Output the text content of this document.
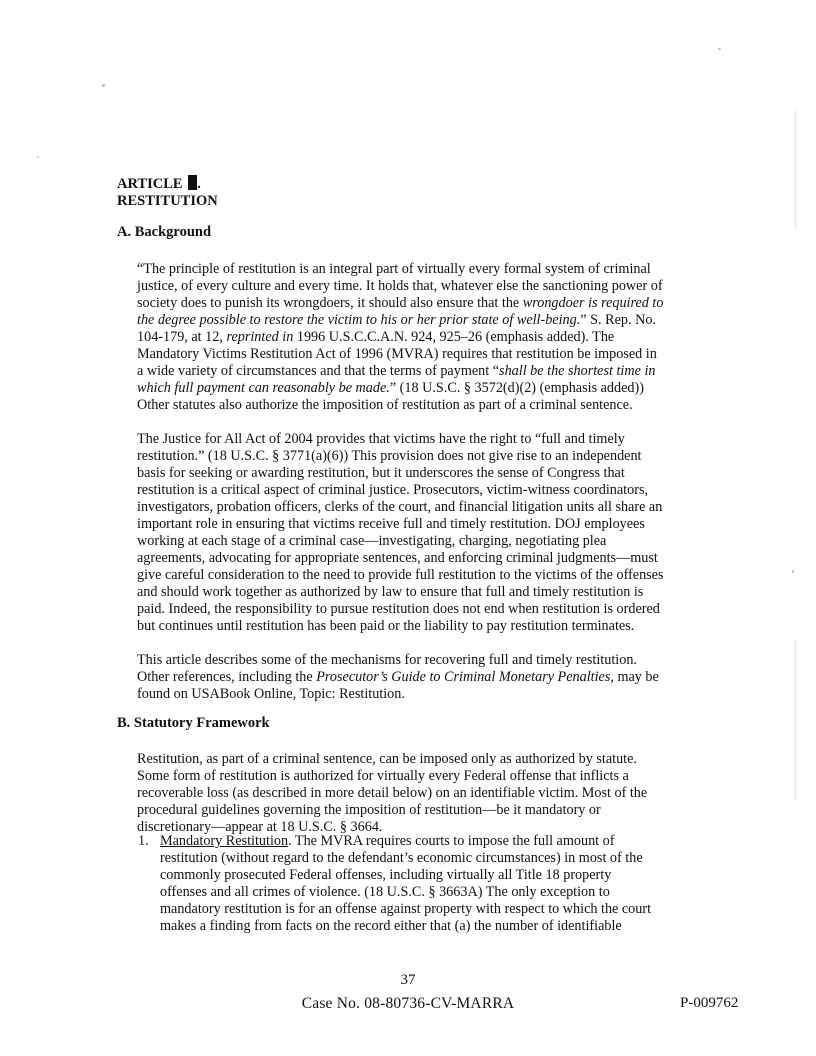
ARTICLE .
RESTITUTION
A. Background
“The principle of restitution is an integral part of virtually every formal system of criminal
justice, of every culture and every time. It holds that, whatever else the sanctioning power of
society does to punish its wrongdoers, it should also ensure that the wrongdoer is required to
the degree possible to restore the victim to his or her prior state of well-being.” S. Rep. No.
104-179, at 12, reprinted in 1996 U.S.C.C.A.N. 924, 925–26 (emphasis added). The
Mandatory Victims Restitution Act of 1996 (MVRA) requires that restitution be imposed in
a wide variety of circumstances and that the terms of payment “shall be the shortest time in
which full payment can reasonably be made.” (18 U.S.C. § 3572(d)(2) (emphasis added))
Other statutes also authorize the imposition of restitution as part of a criminal sentence.
The Justice for All Act of 2004 provides that victims have the right to “full and timely
restitution.” (18 U.S.C. § 3771(a)(6)) This provision does not give rise to an independent
basis for seeking or awarding restitution, but it underscores the sense of Congress that
restitution is a critical aspect of criminal justice. Prosecutors, victim-witness coordinators,
investigators, probation officers, clerks of the court, and financial litigation units all share an
important role in ensuring that victims receive full and timely restitution. DOJ employees
working at each stage of a criminal case—investigating, charging, negotiating plea
agreements, advocating for appropriate sentences, and enforcing criminal judgments—must
give careful consideration to the need to provide full restitution to the victims of the offenses
and should work together as authorized by law to ensure that full and timely restitution is
paid. Indeed, the responsibility to pursue restitution does not end when restitution is ordered
but continues until restitution has been paid or the liability to pay restitution terminates.
This article describes some of the mechanisms for recovering full and timely restitution.
Other references, including the Prosecutor’s Guide to Criminal Monetary Penalties, may be
found on USABook Online, Topic: Restitution.
B. Statutory Framework
Restitution, as part of a criminal sentence, can be imposed only as authorized by statute.
Some form of restitution is authorized for virtually every Federal offense that inflicts a
recoverable loss (as described in more detail below) on an identifiable victim. Most of the
procedural guidelines governing the imposition of restitution—be it mandatory or
discretionary—appear at 18 U.S.C. § 3664.
1. Mandatory Restitution. The MVRA requires courts to impose the full amount of
restitution (without regard to the defendant’s economic circumstances) in most of the
commonly prosecuted Federal offenses, including virtually all Title 18 property
offenses and all crimes of violence. (18 U.S.C. § 3663A) The only exception to
mandatory restitution is for an offense against property with respect to which the court
makes a finding from facts on the record either that (a) the number of identifiable
37
Case No. 08-80736-CV-MARRA	P-009762
